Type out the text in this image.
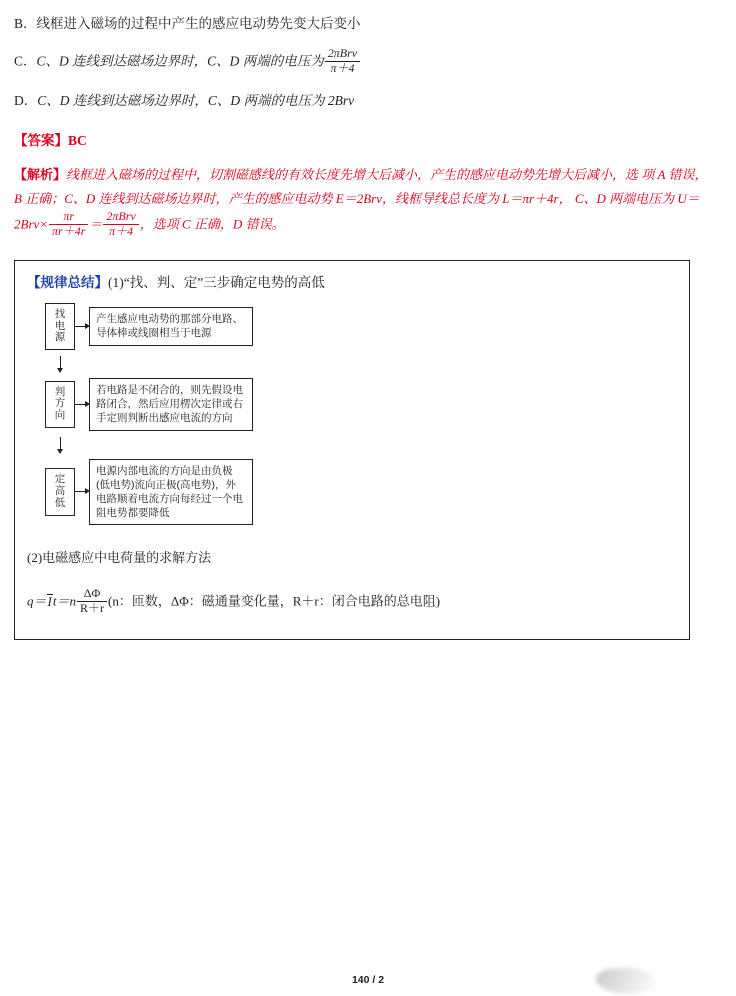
B．线框进入磁场的过程中产生的感应电动势先变大后变小

C．C、D 连线到达磁场边界时，C、D 两端的电压为 $\frac{\text{2πBrv}}{\pi+4}$

D．C、D 连线到达磁场边界时，C、D 两端的电压为 2Brv

【答案】BC

【解析】线框进入磁场的过程中，切割磁感线的有效长度先增大后减小，产生的感应电动势先增大后减小，选 项 A 错误，B 正确；C、D 连线到达磁场边界时，产生的感应电动势 E＝2Brv，线框导线总长度为 L＝πr＋4r， C、D 两端电压为 $U=2Brv\times \frac{\pi r}{\pi r+4r} = \frac{\text{2πBrv}}{\pi+4}$ ，选项 C 正确，D 错误。

【规律总结】(1)“找、判、定”三步确定电势的高低

找
电
源
产生感应电动势的那部分电路、导体棒或线圈相当于电源
判
方
向
若电路是不闭合的，则先假设电路闭合，然后应用楞次定律或右手定则判断出感应电流的方向
定
高
低
电源内部电流的方向是由负极(低电势)流向正极(高电势)，外电路顺着电流方向每经过一个电阻电势都要降低

(2)电磁感应中电荷量的求解方法

$q=It=n \frac{\Delta\Phi}{R+r} (n$：匝数，ΔΦ：磁通量变化量，R＋r：闭合电路的总电阻)

140 / 2
